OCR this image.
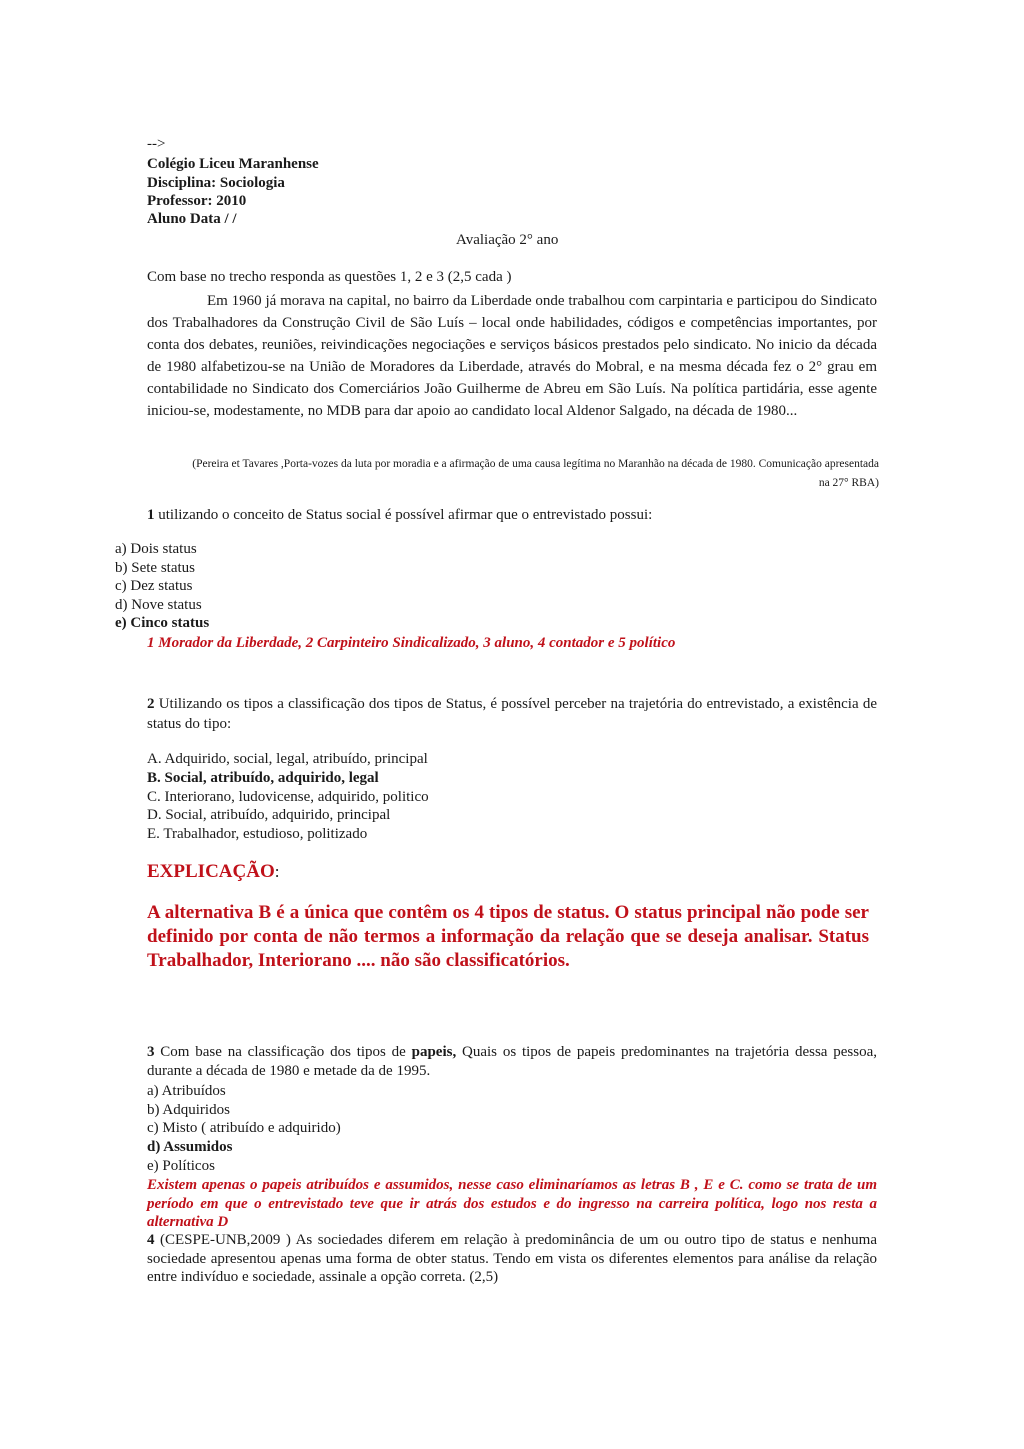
-->
Colégio Liceu Maranhense
Disciplina: Sociologia
Professor: 2010
Aluno Data / /
Avaliação 2° ano
Com base no trecho responda as questões 1, 2 e 3 (2,5 cada )
Em 1960 já morava na capital, no bairro da Liberdade onde trabalhou com carpintaria e participou do Sindicato dos Trabalhadores da Construção Civil de São Luís – local onde habilidades, códigos e competências importantes, por conta dos debates, reuniões, reivindicações negociações e serviços básicos prestados pelo sindicato. No inicio da década de 1980 alfabetizou-se na União de Moradores da Liberdade, através do Mobral, e na mesma década fez o 2° grau em contabilidade no Sindicato dos Comerciários João Guilherme de Abreu em São Luís. Na política partidária, esse agente iniciou-se, modestamente, no MDB para dar apoio ao candidato local Aldenor Salgado, na década de 1980...
(Pereira et Tavares ,Porta-vozes da luta por moradia e a afirmação de uma causa legítima no Maranhão na década de 1980. Comunicação apresentada
na 27° RBA)
1 utilizando o conceito de Status social é possível afirmar que o entrevistado possui:
a) Dois status
b) Sete status
c) Dez status
d) Nove status
e) Cinco status
1 Morador da Liberdade, 2 Carpinteiro Sindicalizado, 3 aluno, 4 contador e 5 político
2 Utilizando os tipos a classificação dos tipos de Status, é possível perceber na trajetória do entrevistado, a existência de status do tipo:
A. Adquirido, social, legal, atribuído, principal
B. Social, atribuído, adquirido, legal
C. Interiorano, ludovicense, adquirido, politico
D. Social, atribuído, adquirido, principal
E. Trabalhador, estudioso, politizado
EXPLICAÇÃO:
A alternativa B é a única que contêm os 4 tipos de status. O status principal não pode ser definido por conta de não termos a informação da relação que se deseja analisar. Status Trabalhador, Interiorano .... não são classificatórios.
3 Com base na classificação dos tipos de papeis, Quais os tipos de papeis predominantes na trajetória dessa pessoa, durante a década de 1980 e metade da de 1995.
a) Atribuídos
b) Adquiridos
c) Misto ( atribuído e adquirido)
d) Assumidos
e) Políticos
Existem apenas o papeis atribuídos e assumidos, nesse caso eliminaríamos as letras B , E e C. como se trata de um período em que o entrevistado teve que ir atrás dos estudos e do ingresso na carreira política, logo nos resta a alternativa D
4 (CESPE-UNB,2009 ) As sociedades diferem em relação à predominância de um ou outro tipo de status e nenhuma sociedade apresentou apenas uma forma de obter status. Tendo em vista os diferentes elementos para análise da relação entre indivíduo e sociedade, assinale a opção correta. (2,5)
